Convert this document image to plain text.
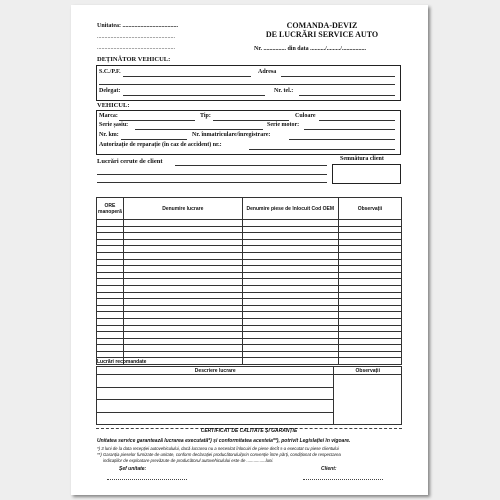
Unitatea: .....................................
....................................................
....................................................
COMANDA-DEVIZ
DE LUCRĂRI SERVICE AUTO
Nr. ............... din data ........../........./................
DEȚINĂTOR VEHICUL:
S.C./P.F.	Adresa
Delegat:	Nr. tel.:
VEHICUL:
Marca:	Tip:	Culoare
Serie șasiu:	Serie motor:
Nr. km:	Nr. înmatriculare/înregistrare:
Autorizație de reparație (în caz de accident) nr.:
Lucrări cerute de client	Semnătura client
ORE manoperă	Denumire lucrare	Denumire piese de înlocuit Cod OEM	Observații

Lucrări recomandate
Descriere lucrare	Observații

CERTIFICAT DE CALITATE ȘI GARANȚIE
Unitatea service garantează lucrarea executată*) și conformitatea acesteia**), potrivit Legislației în vigoare.
*) 3 luni de la data recepției autovehiculului, dacă lucrarea nu a necesitat înlocuiri de piese decît s-a executat cu piese clientului
**) Garanția pieselor furnizate de unitate, conform declarației producătorului/prin convenție între părți, condiționat de respectarea
indicațiilor de exploatare prevăzute de producătorul autovehiculului este de ................luni.
Șef unitate:	Client:
